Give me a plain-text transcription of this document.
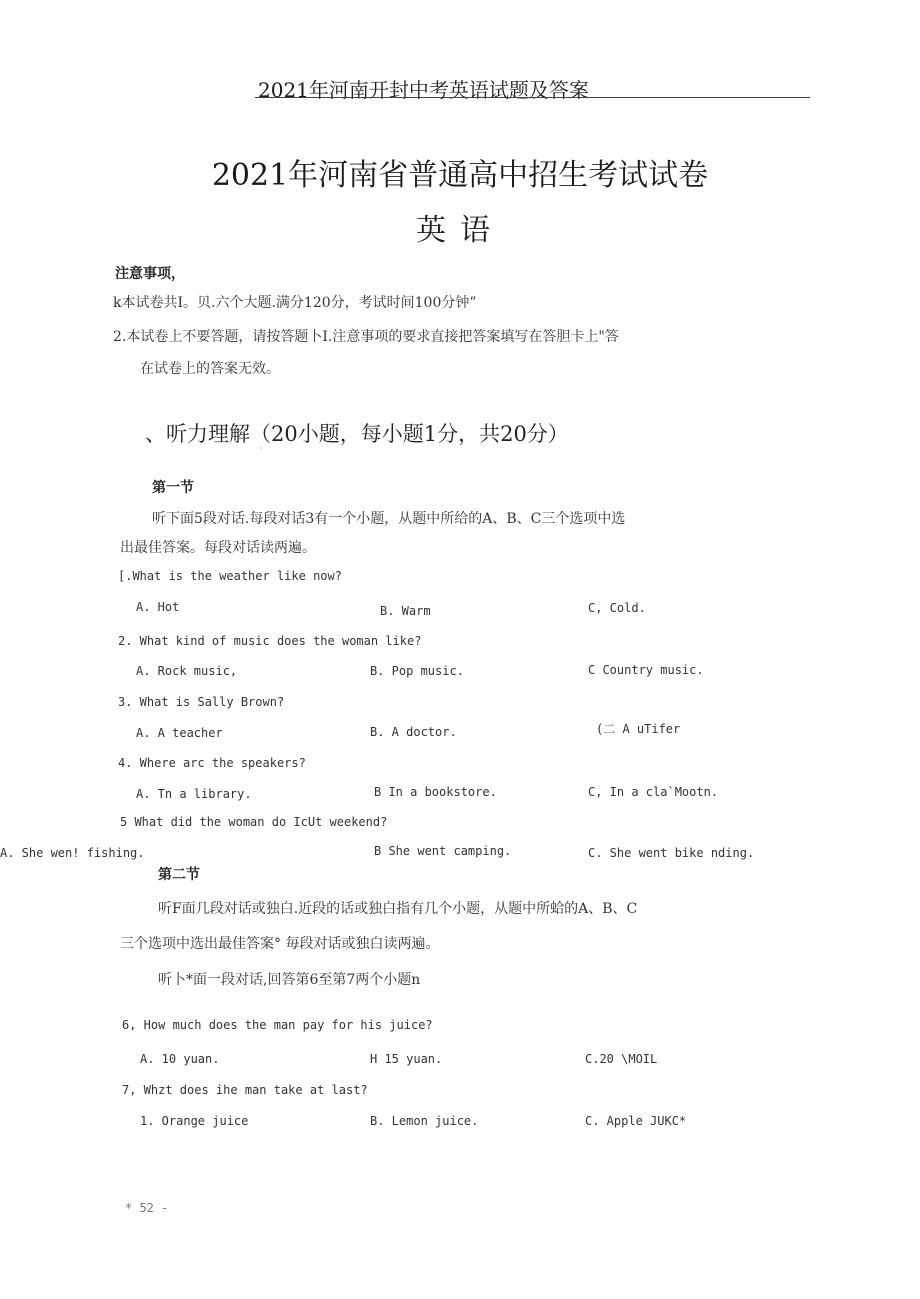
2021年河南开封中考英语试题及答案
2021年河南省普通高中招生考试试卷
英语
注意事项，
k本试卷共I。贝.六个大题.满分120分，考试时间100分钟”
2.本试卷上不要答题，请按答题卜I.注意事项的要求直接把答案填写在答胆卡上"答
在试卷上的答案无效。
、听力理解（20小题，每小题1分，共20分）
'
第一节
听下面5段对话.每段对话3有一个小题，从题中所给的A、B、C三个选项中选
出最佳答案。每段对话读两遍。
[.What is the weather like now?
A. Hot	B. Warm	C, Cold.
2. What kind of music does the woman like?
A. Rock music,	B. Pop music.	C Country music.
3. What is Sally Brown?
A. A teacher	B. A doctor.	(二 A uTifer
4. Where arc the speakers?
A. Tn a library.	B In a bookstore.	C, In a cla`Mootn.
5 What did the woman do IcUt weekend?
A. She wen! fishing.	B She went camping.	C. She went bike nding.
第二节
听F面几段对话或独白.近段的话或独白指有几个小题，从题中所蛤的A、B、C
三个选项中选出最佳答案° 毎段对话或独白读两遍。
听卜*面一段对话,回答第6至第7两个小题n
6, How much does the man pay for his juice?
A. 10 yuan.	H 15 yuan.	C.20 \MOIL
7, Whzt does ihe man take at last?
1. Orange juice	B. Lemon juice.	C. Apple JUKC*
* 52 -
